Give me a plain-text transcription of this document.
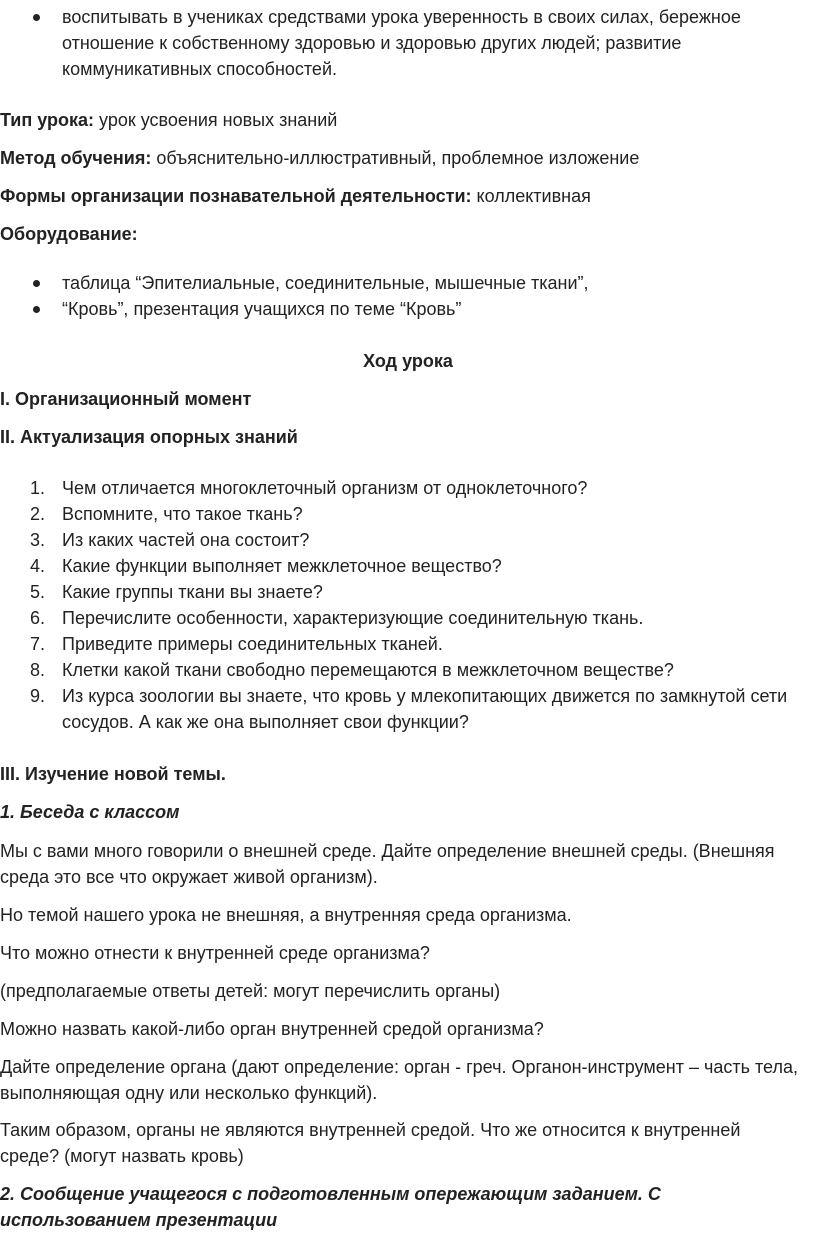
воспитывать в учениках средствами урока уверенность в своих силах, бережное отношение к собственному здоровью и здоровью других людей; развитие коммуникативных способностей.

Тип урока: урок усвоения новых знаний

Метод обучения: объяснительно-иллюстративный, проблемное изложение

Формы организации познавательной деятельности: коллективная

Оборудование:

таблица “Эпителиальные, соединительные, мышечные ткани”,
“Кровь”, презентация учащихся по теме “Кровь”

Ход урока

I. Организационный момент

II. Актуализация опорных знаний

1. Чем отличается многоклеточный организм от одноклеточного?
2. Вспомните, что такое ткань?
3. Из каких частей она состоит?
4. Какие функции выполняет межклеточное вещество?
5. Какие группы ткани вы знаете?
6. Перечислите особенности, характеризующие соединительную ткань.
7. Приведите примеры соединительных тканей.
8. Клетки какой ткани свободно перемещаются в межклеточном веществе?
9. Из курса зоологии вы знаете, что кровь у млекопитающих движется по замкнутой сети сосудов. А как же она выполняет свои функции?

III. Изучение новой темы.

1. Беседа с классом

Мы с вами много говорили о внешней среде. Дайте определение внешней среды. (Внешняя среда это все что окружает живой организм).

Но темой нашего урока не внешняя, а внутренняя среда организма.

Что можно отнести к внутренней среде организма?

(предполагаемые ответы детей: могут перечислить органы)

Можно назвать какой-либо орган внутренней средой организма?

Дайте определение органа (дают определение: орган - греч. Органон-инструмент – часть тела, выполняющая одну или несколько функций).

Таким образом, органы не являются внутренней средой. Что же относится к внутренней среде? (могут назвать кровь)

2. Сообщение учащегося с подготовленным опережающим заданием. С использованием презентации
